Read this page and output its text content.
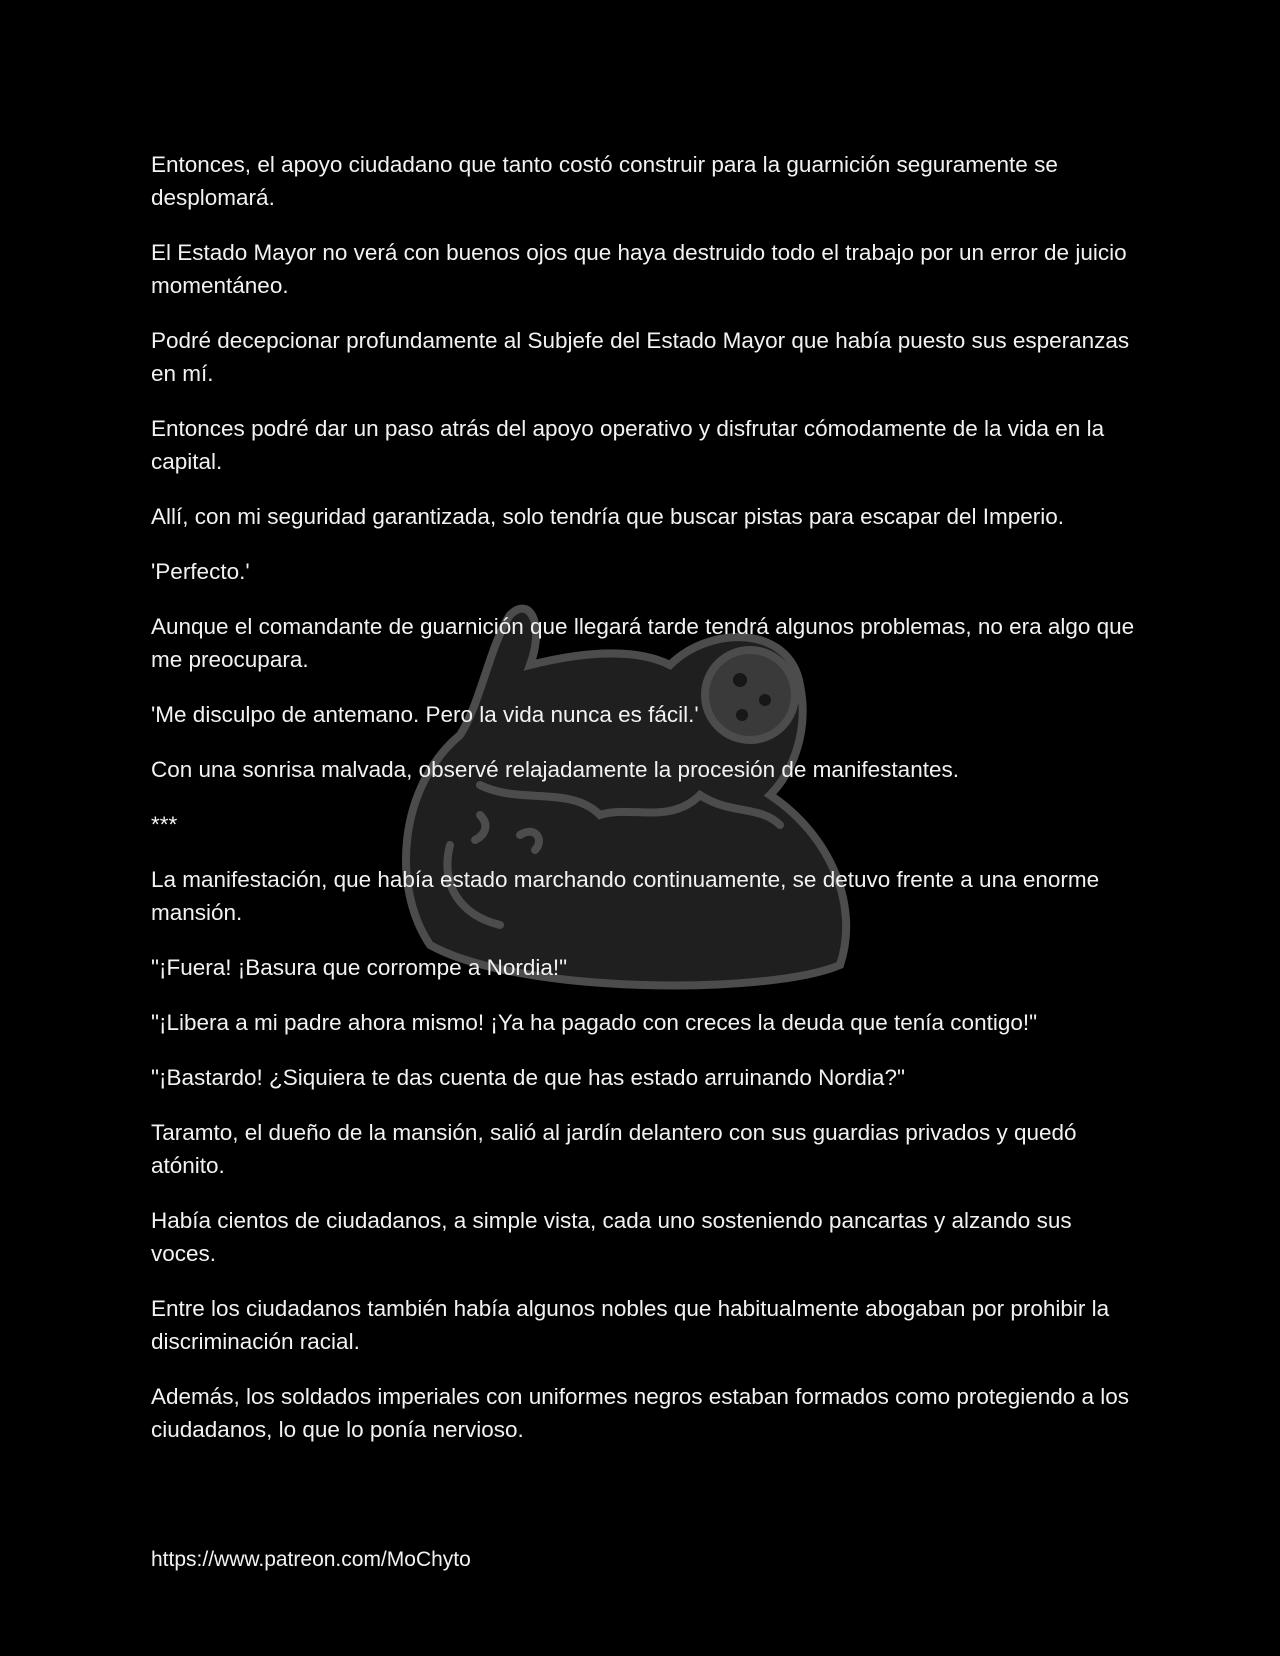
Entonces, el apoyo ciudadano que tanto costó construir para la guarnición seguramente se desplomará.

El Estado Mayor no verá con buenos ojos que haya destruido todo el trabajo por un error de juicio momentáneo.

Podré decepcionar profundamente al Subjefe del Estado Mayor que había puesto sus esperanzas en mí.

Entonces podré dar un paso atrás del apoyo operativo y disfrutar cómodamente de la vida en la capital.

Allí, con mi seguridad garantizada, solo tendría que buscar pistas para escapar del Imperio.

'Perfecto.'

Aunque el comandante de guarnición que llegará tarde tendrá algunos problemas, no era algo que me preocupara.

'Me disculpo de antemano. Pero la vida nunca es fácil.'

Con una sonrisa malvada, observé relajadamente la procesión de manifestantes.

***

La manifestación, que había estado marchando continuamente, se detuvo frente a una enorme mansión.

"¡Fuera! ¡Basura que corrompe a Nordia!"

"¡Libera a mi padre ahora mismo! ¡Ya ha pagado con creces la deuda que tenía contigo!"

"¡Bastardo! ¿Siquiera te das cuenta de que has estado arruinando Nordia?"

Taramto, el dueño de la mansión, salió al jardín delantero con sus guardias privados y quedó atónito.

Había cientos de ciudadanos, a simple vista, cada uno sosteniendo pancartas y alzando sus voces.

Entre los ciudadanos también había algunos nobles que habitualmente abogaban por prohibir la discriminación racial.

Además, los soldados imperiales con uniformes negros estaban formados como protegiendo a los ciudadanos, lo que lo ponía nervioso.

https://www.patreon.com/MoChyto
